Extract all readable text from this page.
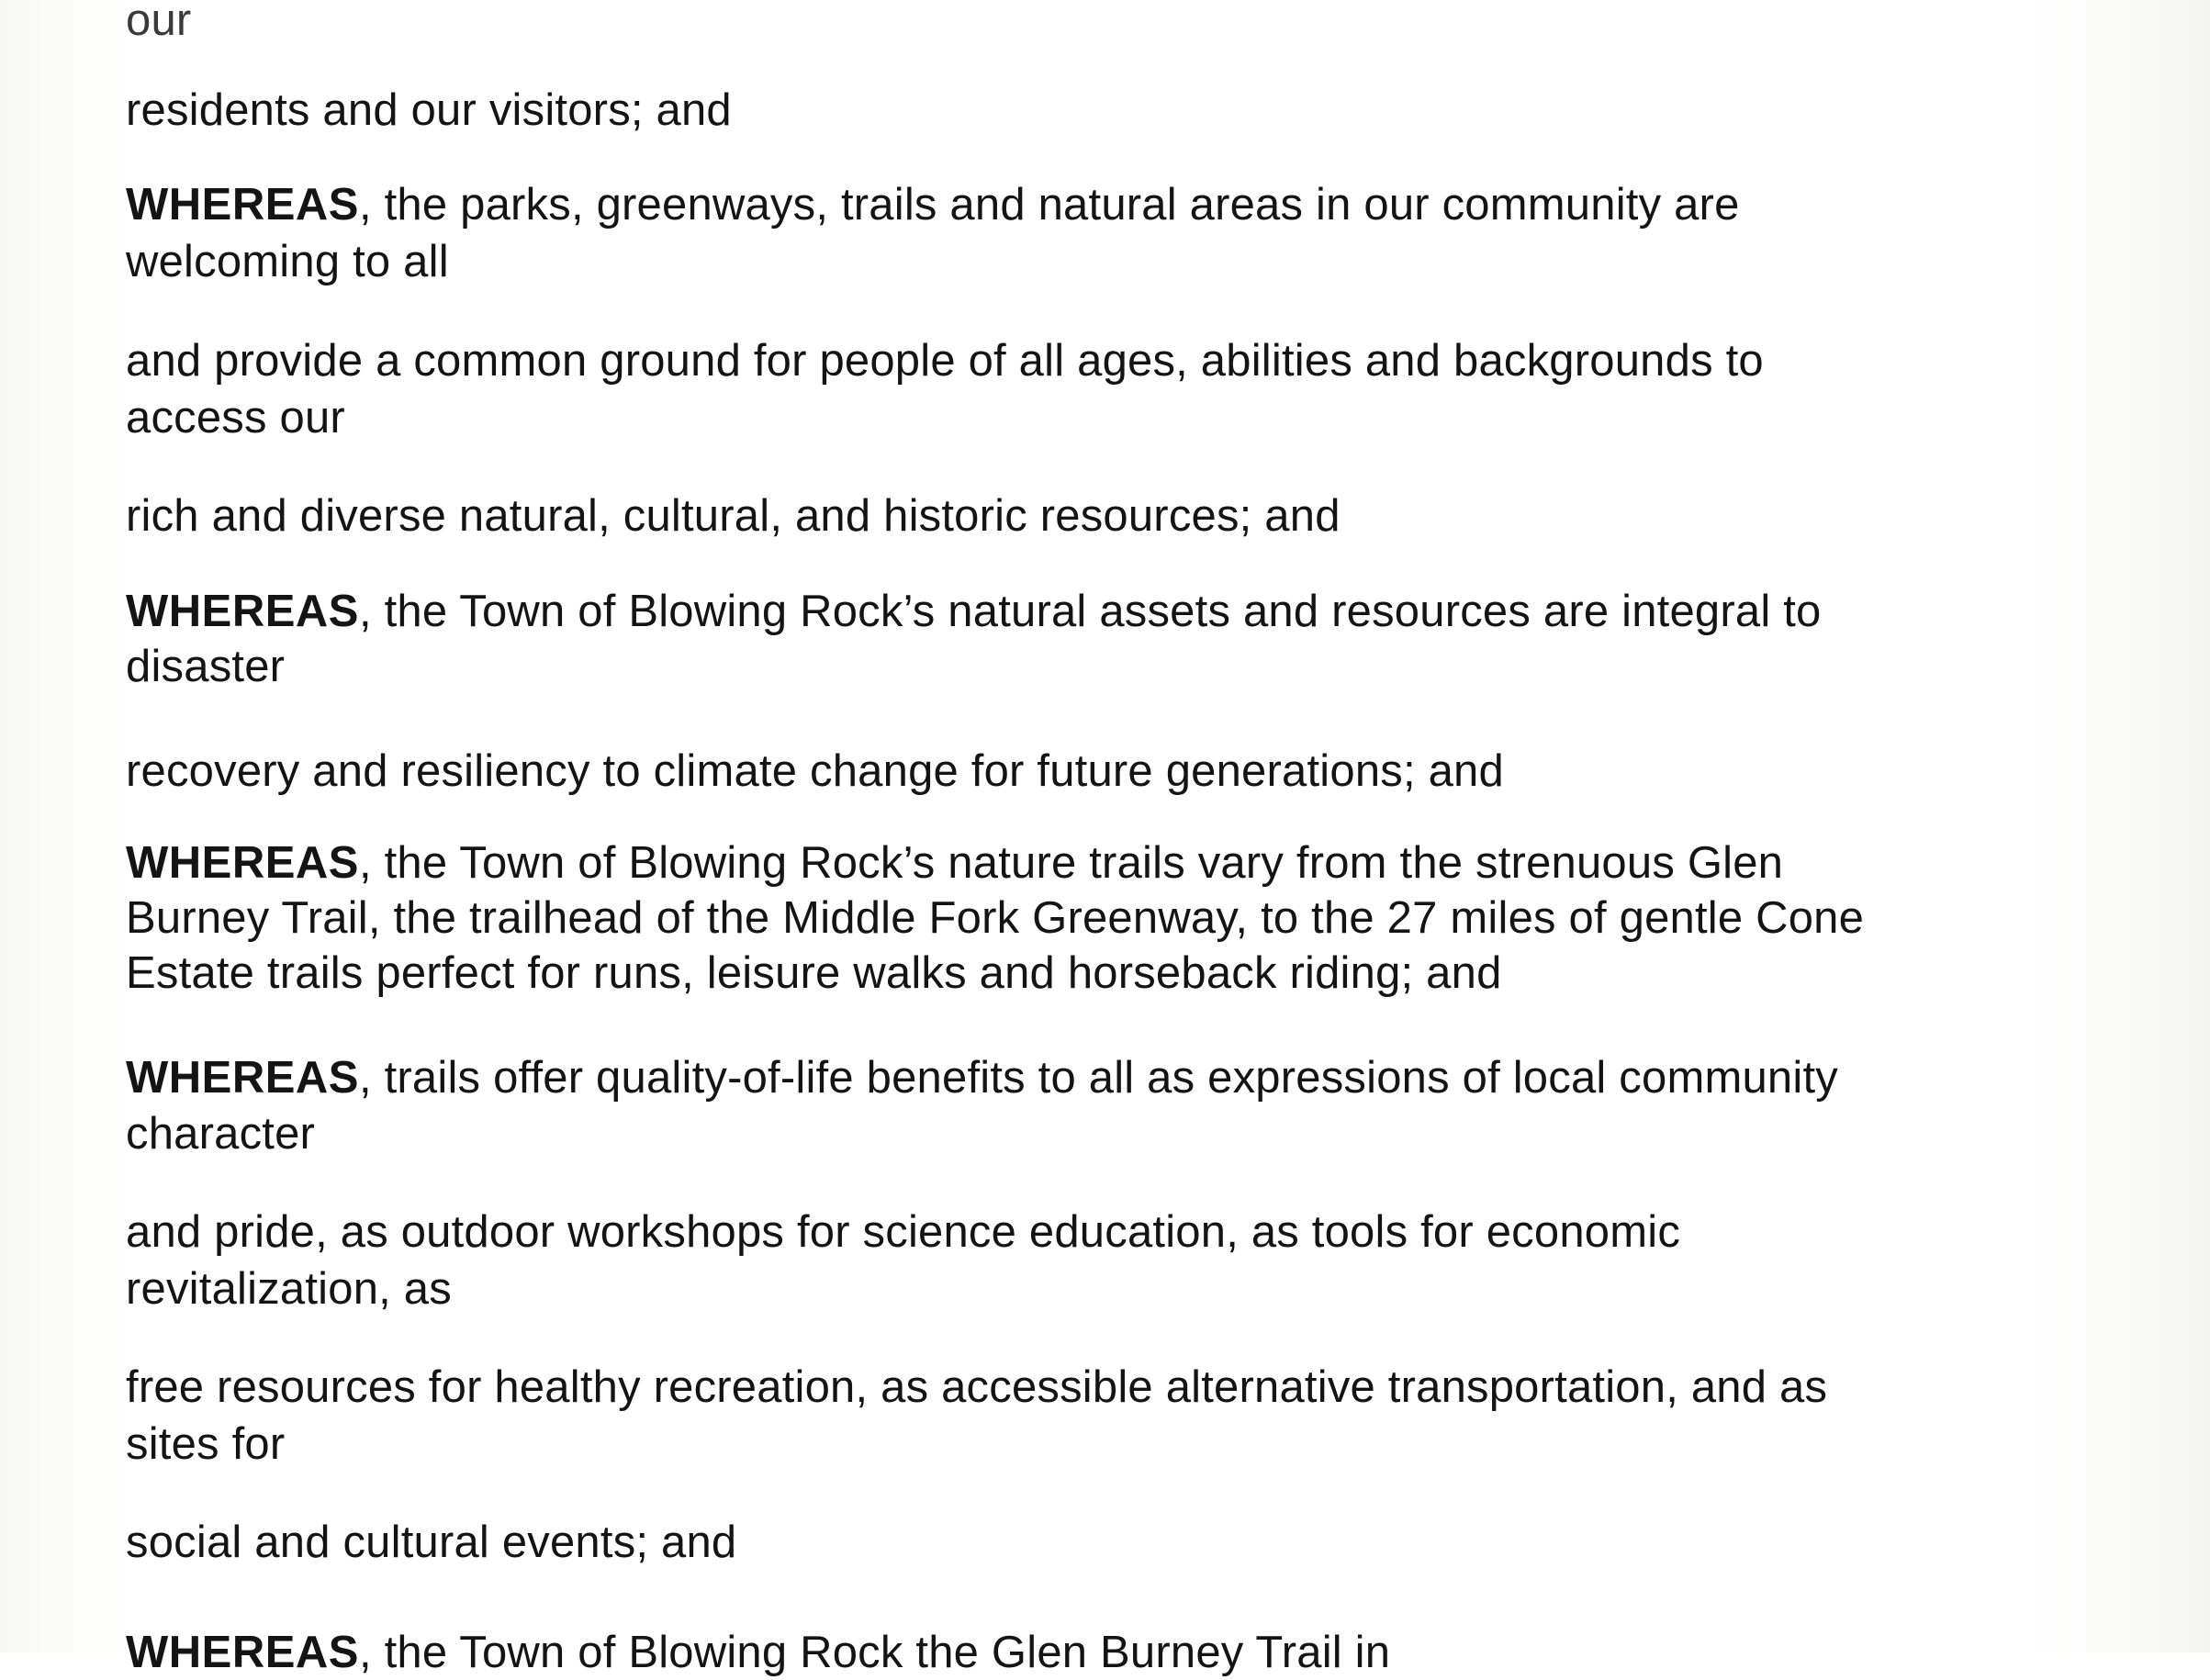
our
residents and our visitors; and
WHEREAS, the parks, greenways, trails and natural areas in our community are
welcoming to all
and provide a common ground for people of all ages, abilities and backgrounds to
access our
rich and diverse natural, cultural, and historic resources; and
WHEREAS, the Town of Blowing Rock’s natural assets and resources are integral to
disaster
recovery and resiliency to climate change for future generations; and
WHEREAS, the Town of Blowing Rock’s nature trails vary from the strenuous Glen
Burney Trail, the trailhead of the Middle Fork Greenway, to the 27 miles of gentle Cone
Estate trails perfect for runs, leisure walks and horseback riding; and
WHEREAS, trails offer quality-of-life benefits to all as expressions of local community
character
and pride, as outdoor workshops for science education, as tools for economic
revitalization, as
free resources for healthy recreation, as accessible alternative transportation, and as
sites for
social and cultural events; and
WHEREAS, the Town of Blowing Rock the Glen Burney Trail in
